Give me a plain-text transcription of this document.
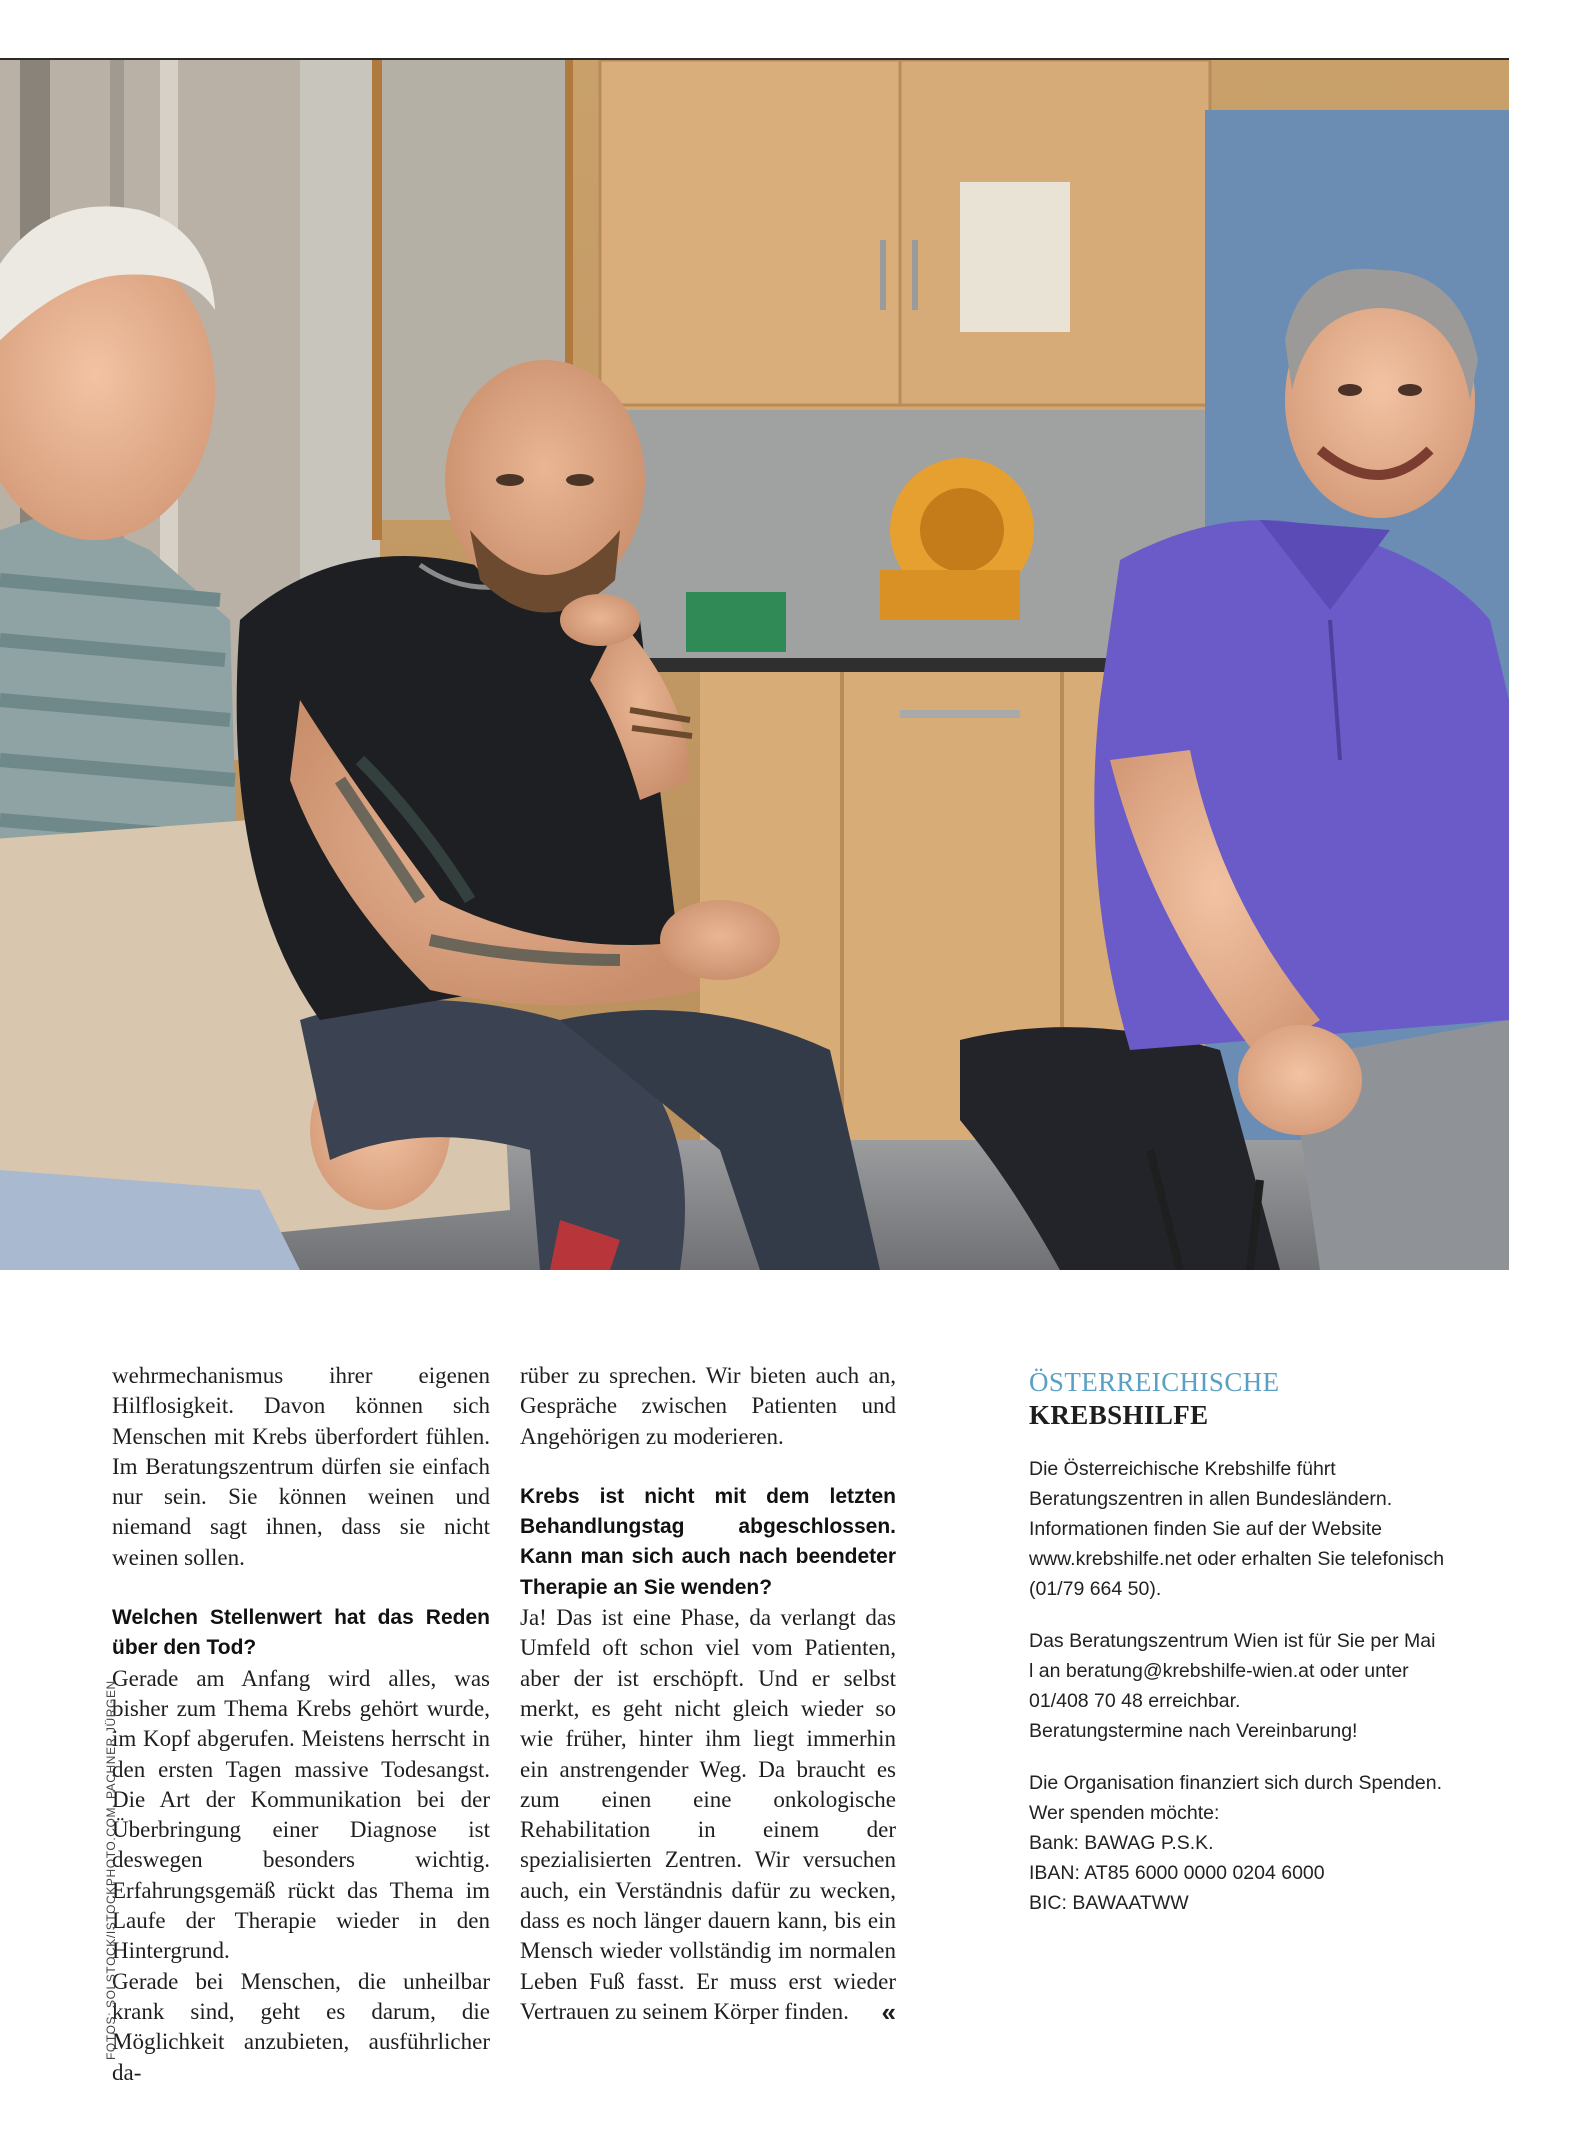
wehrmechanismus ihrer eigenen Hilflosigkeit. Davon können sich Menschen mit Krebs überfordert fühlen. Im Beratungszentrum dürfen sie einfach nur sein. Sie können weinen und niemand sagt ihnen, dass sie nicht weinen sollen.

Welchen Stellenwert hat das Reden über den Tod?

Gerade am Anfang wird alles, was bisher zum Thema Krebs gehört wurde, im Kopf abgerufen. Meistens herrscht in den ersten Tagen massive Todesangst. Die Art der Kommunikation bei der Überbringung einer Diagnose ist deswegen besonders wichtig. Erfahrungsgemäß rückt das Thema im Laufe der Therapie wieder in den Hintergrund.

Gerade bei Menschen, die unheilbar krank sind, geht es darum, die Möglichkeit anzubieten, ausführlicher da-

rüber zu sprechen. Wir bieten auch an, Gespräche zwischen Patienten und Angehörigen zu moderieren.

Krebs ist nicht mit dem letzten Behandlungstag abgeschlossen. Kann man sich auch nach beendeter Therapie an Sie wenden?

Ja! Das ist eine Phase, da verlangt das Umfeld oft schon viel vom Patienten, aber der ist erschöpft. Und er selbst merkt, es geht nicht gleich wieder so wie früher, hinter ihm liegt immerhin ein anstrengender Weg. Da braucht es zum einen eine onkologische Rehabilitation in einem der spezialisierten Zentren. Wir versuchen auch, ein Verständnis dafür zu wecken, dass es noch länger dauern kann, bis ein Mensch wieder vollständig im normalen Leben Fuß fasst. Er muss erst wieder Vertrauen zu seinem Körper finden. «

FOTOS: SOLSTOCK/ISTOCKPHOTO.COM, PACHNER JÜRGEN
ÖSTERREICHISCHE
KREBSHILFE
Die Österreichische Krebshilfe führt
Beratungszentren in allen Bundesländern.
Informationen finden Sie auf der Website
www.krebshilfe.net oder erhalten Sie telefonisch
(01/79 664 50).
Das Beratungszentrum Wien ist für Sie per Mai
l an beratung@krebshilfe-wien.at oder unter
01/408 70 48 erreichbar.
Beratungstermine nach Vereinbarung!
Die Organisation finanziert sich durch Spenden.
Wer spenden möchte:
Bank: BAWAG P.S.K.
IBAN: AT85 6000 0000 0204 6000
BIC: BAWAATWW
